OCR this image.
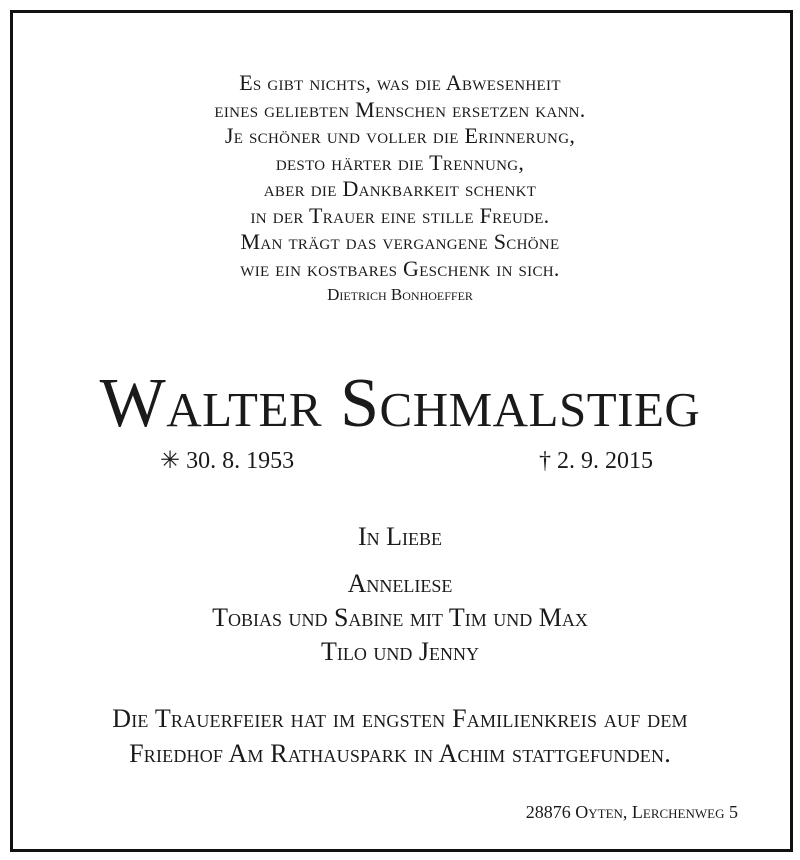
Es gibt nichts, was die Abwesenheit
eines geliebten Menschen ersetzen kann.
Je schöner und voller die Erinnerung,
desto härter die Trennung,
aber die Dankbarkeit schenkt
in der Trauer eine stille Freude.
Man trägt das vergangene Schöne
wie ein kostbares Geschenk in sich.
Dietrich Bonhoeffer
Walter Schmalstieg
✳ 30. 8. 1953	† 2. 9. 2015
In Liebe
Anneliese
Tobias und Sabine mit Tim und Max
Tilo und Jenny
Die Trauerfeier hat im engsten Familienkreis auf dem
Friedhof Am Rathauspark in Achim stattgefunden.
28876 Oyten, Lerchenweg 5
